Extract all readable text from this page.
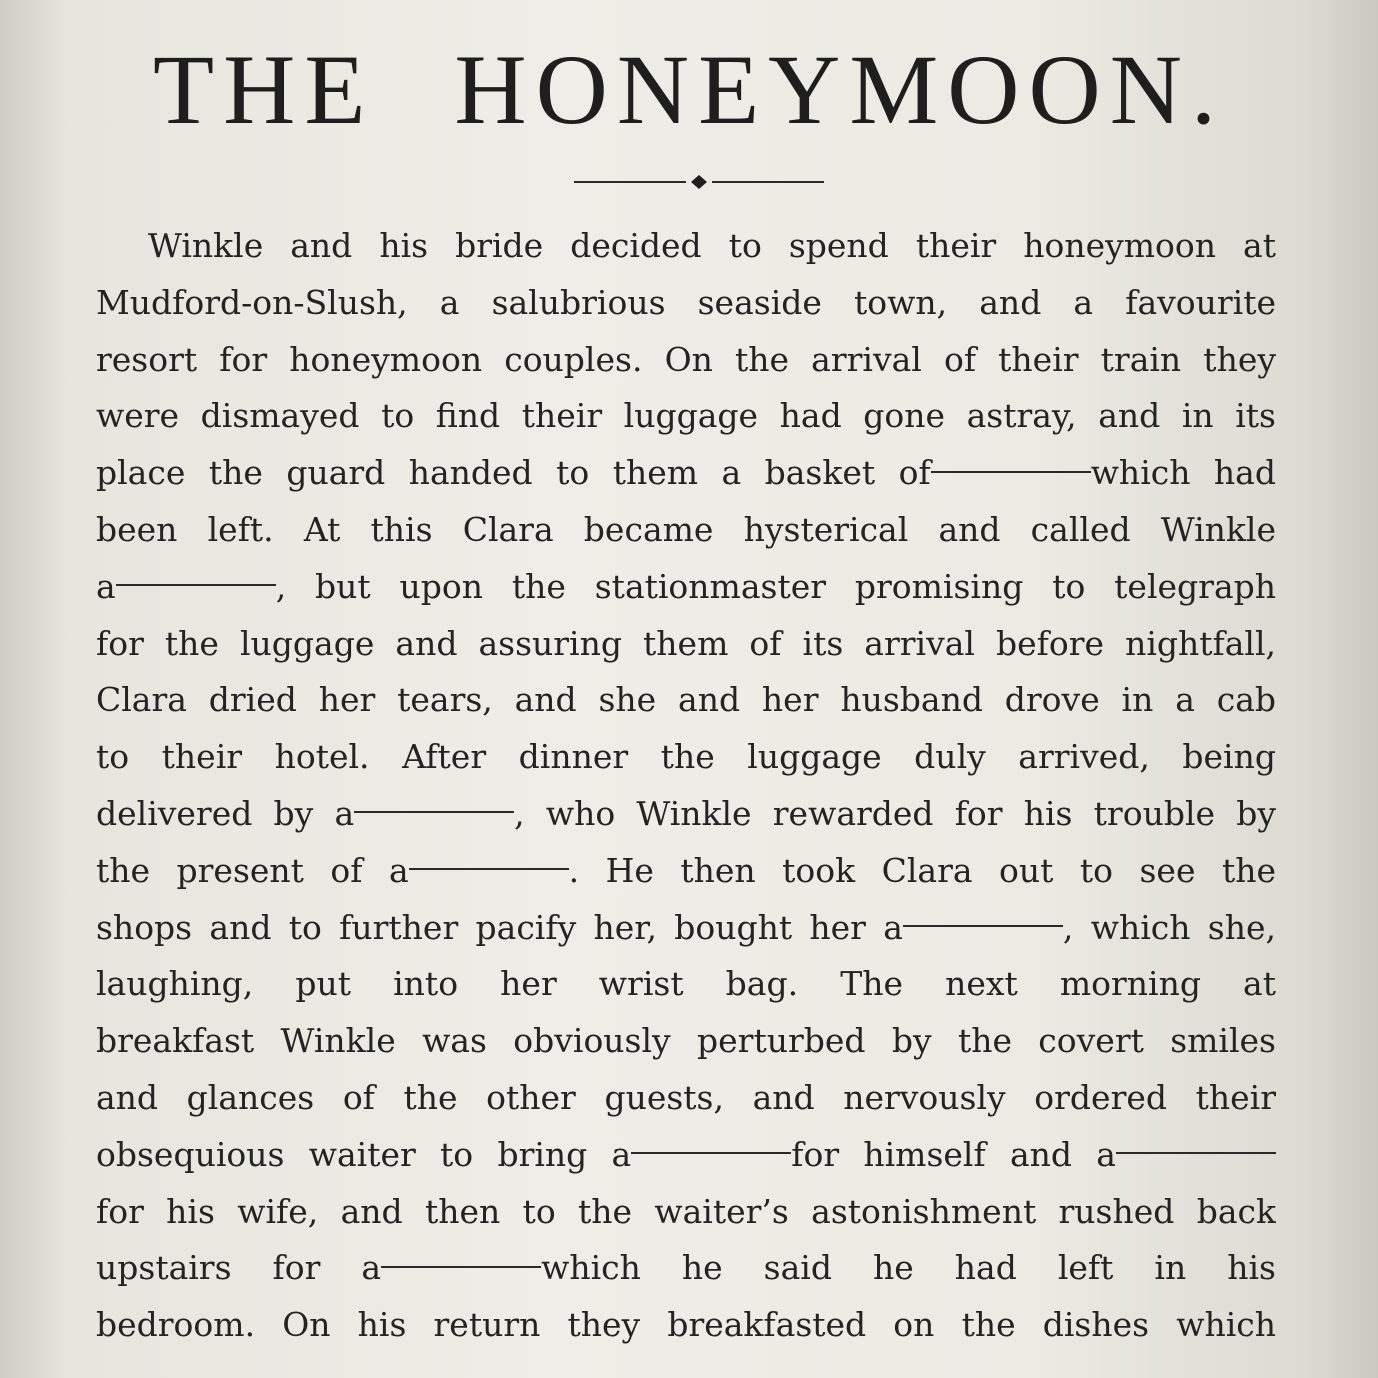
THE HONEYMOON.
Winkle and his bride decided to spend their honeymoon at
Mudford-on-Slush, a salubrious seaside town, and a favourite
resort for honeymoon couples. On the arrival of their train they
were dismayed to find their luggage had gone astray, and in its
place the guard handed to them a basket of	which had
been left. At this Clara became hysterical and called Winkle
a	, but upon the stationmaster promising to telegraph
for the luggage and assuring them of its arrival before nightfall,
Clara dried her tears, and she and her husband drove in a cab
to their hotel. After dinner the luggage duly arrived, being
delivered by a	, who Winkle rewarded for his trouble by
the present of a	. He then took Clara out to see the
shops and to further pacify her, bought her a	, which she,
laughing, put into her wrist bag. The next morning at
breakfast Winkle was obviously perturbed by the covert smiles
and glances of the other guests, and nervously ordered their
obsequious waiter to bring a	for himself and a
for his wife, and then to the waiter’s astonishment rushed back
upstairs for a	which he said he had left in his
bedroom. On his return they breakfasted on the dishes which
